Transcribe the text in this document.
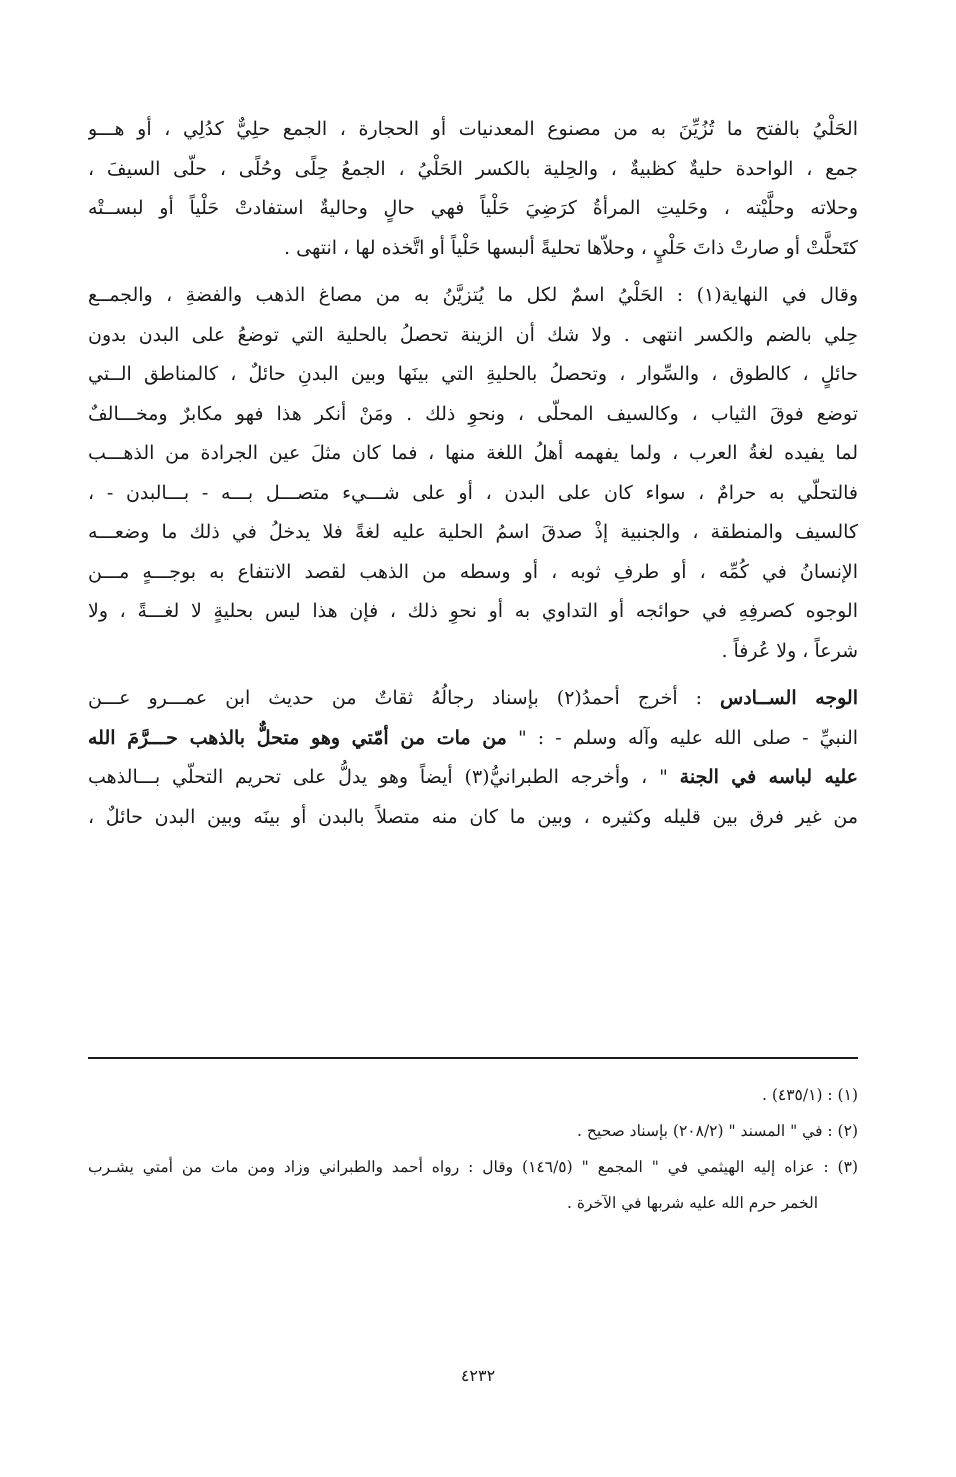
الحَلْيُ بالفتح ما تُزُيِّنَ به من مصنوع المعدنيات أو الحجارة ، الجمع حلِيٌّ كدُلِي ، أو هـــو
جمع ، الواحدة حليةٌ كظبيةٌ ، والحِلية بالكسر الحَلْيُ ، الجمعُ حِلًى وحُلًى ، حلّى السيفَ ،
وحلاته وحلَّيْته ، وحَليتِ المرأةُ كرَضِيَ حَلْياً فهي حالٍ وحاليةٌ استفادتْ حَلْياً أو لبســتْه
كتَحلَّتْ أو صارتْ ذاتَ حَلْيٍ ، وحلاّها تحليةً ألبسها حَلْياً أو اتَّخذه لها ، انتهى .
وقال في النهاية(١) : الحَلْيُ اسمٌ لكل ما يُتزيَّنُ به من مصاغ الذهب والفضةِ ، والجمــع
حِلي بالضم والكسر انتهى . ولا شك أن الزينة تحصلُ بالحلية التي توضعُ على البدن بدون
حائلٍ ، كالطوق ، والسِّوار ، وتحصلُ بالحليةِ التي بينَها وبين البدنِ حائلٌ ، كالمناطق الــتي
توضع فوقَ الثياب ، وكالسيف المحلّى ، ونحوِ ذلك . ومَنْ أنكر هذا فهو مكابرٌ ومخـــالفٌ
لما يفيده لغةُ العرب ، ولما يفهمه أهلُ اللغة منها ، فما كان مثلَ عين الجرادة من الذهـــب
فالتحلّي به حرامٌ ، سواء كان على البدن ، أو على شـــيء متصـــل بـــه - بـــالبدن - ،
كالسيف والمنطقة ، والجنبية إذْ صدقَ اسمُ الحلية عليه لغةً فلا يدخلُ في ذلك ما وضعـــه
الإنسانُ في كُمِّه ، أو طرفِ ثوبه ، أو وسطه من الذهب لقصد الانتفاع به بوجـــهٍ مـــن
الوجوه كصرفِهِ في حوائجه أو التداوي به أو نحوِ ذلك ، فإن هذا ليس بحليةٍ لا لغـــةً ، ولا
شرعاً ، ولا عُرفاً .
الوجه الســادس : أخرج أحمدُ(٢) بإسناد رجالُهُ ثقاتٌ من حديث ابن عمـــرو عـــن
النبيِّ - صلى الله عليه وآله وسلم - : " من مات من أمّتي وهو متحلٌّ بالذهب حـــرَّمَ الله
عليه لباسه في الجنة " ، وأخرجه الطبرانيُّ(٣) أيضاً وهو يدلُّ على تحريم التحلّي بـــالذهب
من غير فرق بين قليله وكثيره ، وبين ما كان منه متصلاً بالبدن أو بينَه وبين البدن حائلٌ ،
(١) : (٤٣٥/١) .
(٢) : في " المسند " (٢٠٨/٢) بإسناد صحيح .
(٣) : عزاه إليه الهيثمي في " المجمع " (١٤٦/٥) وقال : رواه أحمد والطبراني وزاد ومن مات من أمتي يشـرب
الخمر حرم الله عليه شربها في الآخرة .
٤٢٣٢
